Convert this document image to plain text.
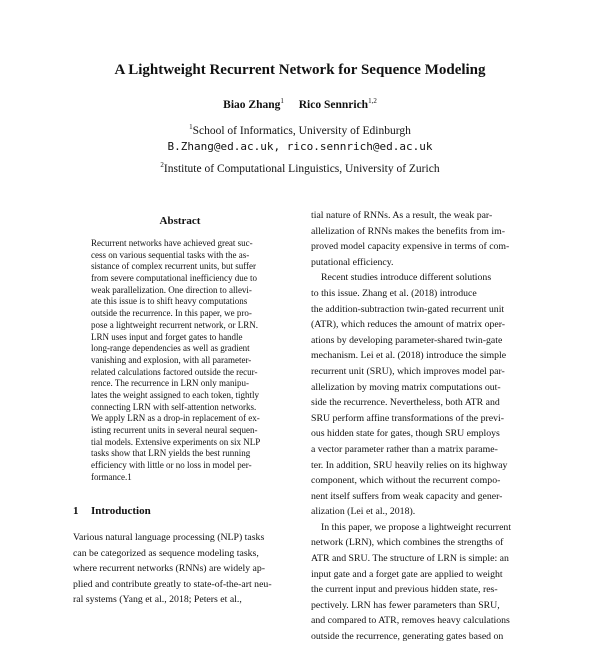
A Lightweight Recurrent Network for Sequence Modeling
Biao Zhang$^1$ Rico Sennrich$^{1,2}$
$^1$School of Informatics, University of Edinburgh
B.Zhang@ed.ac.uk, rico.sennrich@ed.ac.uk
$^2$Institute of Computational Linguistics, University of Zurich
Abstract
Recurrent networks have achieved great suc-
cess on various sequential tasks with the as-
sistance of complex recurrent units, but suffer
from severe computational inefficiency due to
weak parallelization. One direction to allevi-
ate this issue is to shift heavy computations
outside the recurrence. In this paper, we pro-
pose a lightweight recurrent network, or LRN.
LRN uses input and forget gates to handle
long-range dependencies as well as gradient
vanishing and explosion, with all parameter-
related calculations factored outside the recur-
rence. The recurrence in LRN only manipu-
lates the weight assigned to each token, tightly
connecting LRN with self-attention networks.
We apply LRN as a drop-in replacement of ex-
isting recurrent units in several neural sequen-
tial models. Extensive experiments on six NLP
tasks show that LRN yields the best running
efficiency with little or no loss in model per-
formance.1
1 Introduction
Various natural language processing (NLP) tasks
can be categorized as sequence modeling tasks,
where recurrent networks (RNNs) are widely ap-
plied and contribute greatly to state-of-the-art neu-
ral systems (Yang et al., 2018; Peters et al.,
tial nature of RNNs. As a result, the weak par-
allelization of RNNs makes the benefits from im-
proved model capacity expensive in terms of com-
putational efficiency.
Recent studies introduce different solutions
to this issue. Zhang et al. (2018) introduce
the addition-subtraction twin-gated recurrent unit
(ATR), which reduces the amount of matrix oper-
ations by developing parameter-shared twin-gate
mechanism. Lei et al. (2018) introduce the simple
recurrent unit (SRU), which improves model par-
allelization by moving matrix computations out-
side the recurrence. Nevertheless, both ATR and
SRU perform affine transformations of the previ-
ous hidden state for gates, though SRU employs
a vector parameter rather than a matrix parame-
ter. In addition, SRU heavily relies on its highway
component, which without the recurrent compo-
nent itself suffers from weak capacity and gener-
alization (Lei et al., 2018).
In this paper, we propose a lightweight recurrent
network (LRN), which combines the strengths of
ATR and SRU. The structure of LRN is simple: an
input gate and a forget gate are applied to weight
the current input and previous hidden state, res-
pectively. LRN has fewer parameters than SRU,
and compared to ATR, removes heavy calculations
outside the recurrence, generating gates based on
